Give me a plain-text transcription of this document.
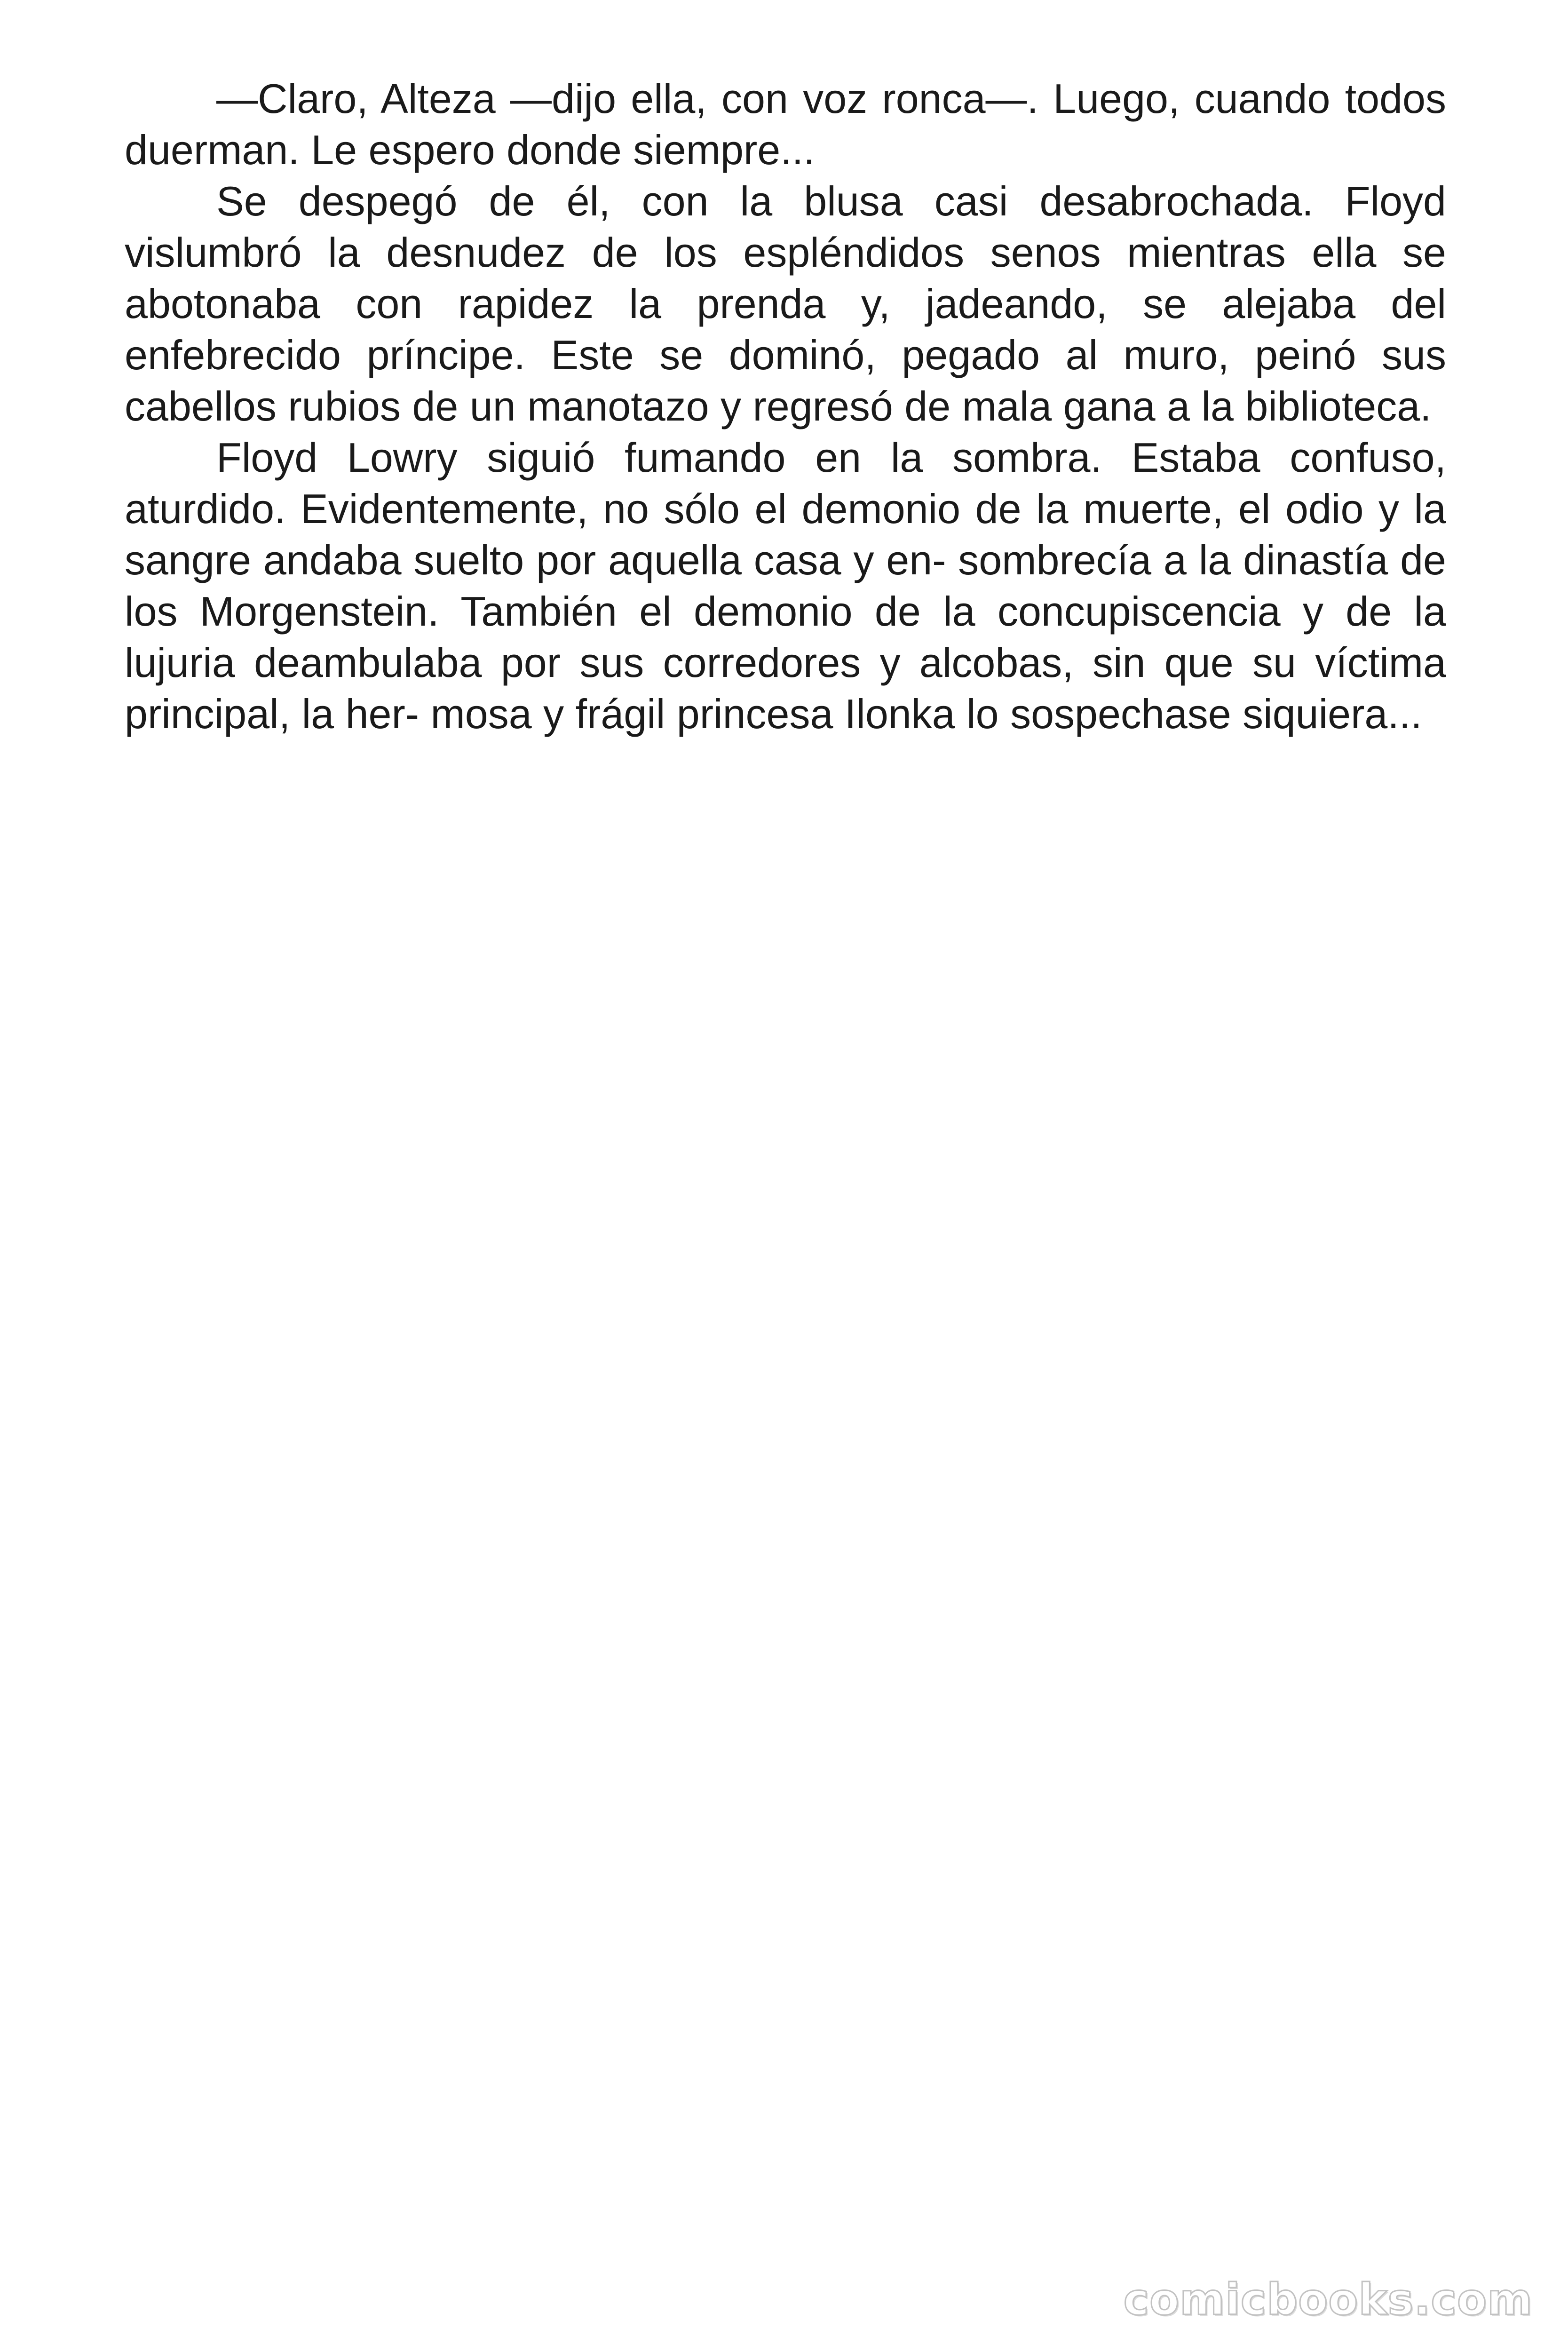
—Claro, Alteza —dijo ella, con voz ronca—. Luego, cuando todos duerman. Le espero donde siempre...

Se despegó de él, con la blusa casi desabrochada. Floyd vislumbró la desnudez de los espléndidos senos mientras ella se abotonaba con rapidez la prenda y, jadeando, se alejaba del enfebrecido príncipe. Este se dominó, pegado al muro, peinó sus cabellos rubios de un manotazo y regresó de mala gana a la biblioteca.

Floyd Lowry siguió fumando en la sombra. Estaba confuso, aturdido. Evidentemente, no sólo el demonio de la muerte, el odio y la sangre andaba suelto por aquella casa y en- sombrecía a la dinastía de los Morgenstein. También el demonio de la concupiscencia y de la lujuria deambulaba por sus corredores y alcobas, sin que su víctima principal, la her- mosa y frágil princesa Ilonka lo sospechase siquiera...

comicbooks.com
